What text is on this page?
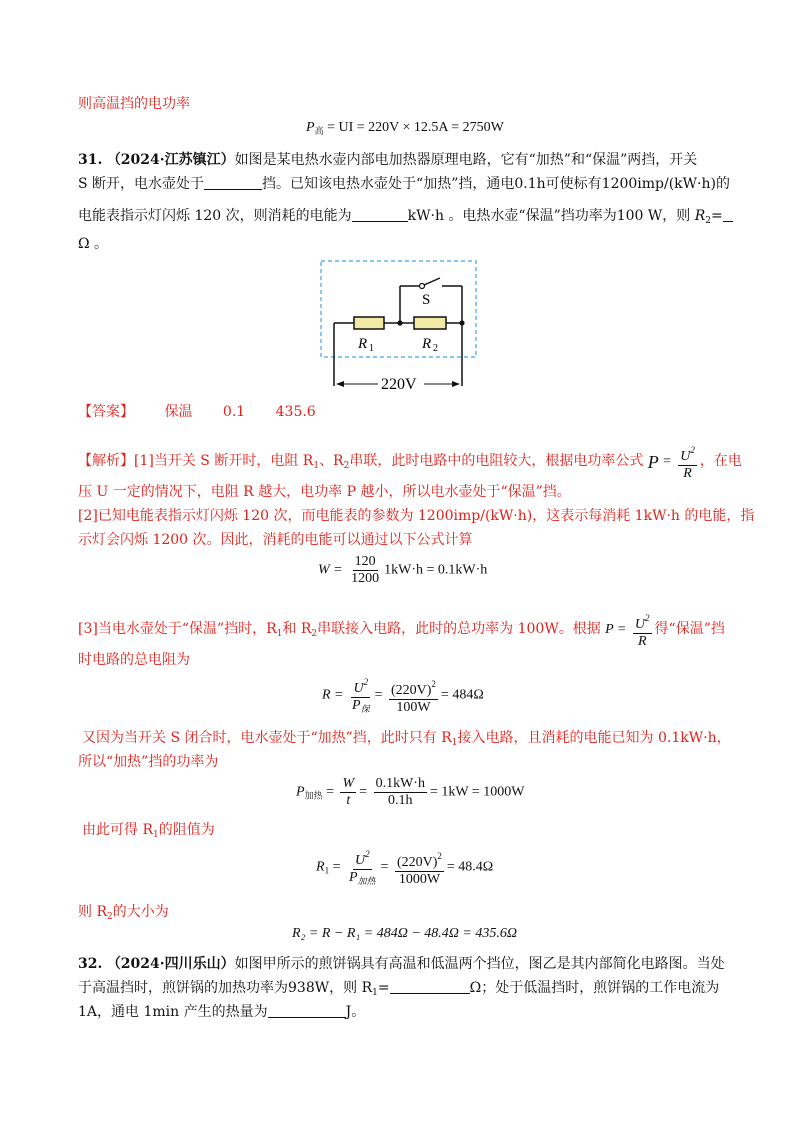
则高温挡的电功率
$P_高$ = UI = 220V × 12.5A = 2750W
31. （2024·江苏镇江）如图是某电热水壶内部电加热器原理电路，它有“加热”和“保温”两挡，开关
S 断开，电水壶处于	挡。已知该电热水壶处于“加热”挡，通电0.1h可使标有1200imp/(kW·h)的
电能表指示灯闪烁 120 次，则消耗的电能为	kW·h 。电热水壶“保温”挡功率为100 W，则 $R_2=$
Ω 。
S
R 1	R 2
220V
【答案】 保温 0.1 435.6
【解析】[1]当开关 S 断开时，电阻 $R_1$、$R_2$串联，此时电路中的电阻较大，根据电功率公式 $P = \frac{U^2}{R}$ ，在电
压 U 一定的情况下，电阻 R 越大，电功率 P 越小，所以电水壶处于“保温”挡。
[2]已知电能表指示灯闪烁 120 次，而电能表的参数为 1200imp/(kW·h)，这表示每消耗 1kW·h 的电能，指
示灯会闪烁 1200 次。因此，消耗的电能可以通过以下公式计算
$W = \frac{120}{1200} 1kW\cdot h = 0.1kW\cdot h$
[3]当电水壶处于“保温”挡时，$R_1$和 $R_2$串联接入电路，此时的总功率为 100W。根据 $P = \frac{U^2}{R}$ 得“保温”挡
时电路的总电阻为
$R = \frac{U^2}{P_保} = \frac{(220V)^2}{100W} = 484\Omega$
又因为当开关 S 闭合时，电水壶处于“加热”挡，此时只有 $R_1$接入电路，且消耗的电能已知为 0.1kW·h，
所以“加热”挡的功率为
$P_{加热} = \frac{W}{t} = \frac{0.1kW\cdot h}{0.1h} = 1kW = 1000W$
由此可得 $R_1$的阻值为
$R_1 = \frac{U^2}{P_{加热}} = \frac{(220V)^2}{1000W} = 48.4\Omega$
则 $R_2$的大小为
R₂ = R − R₁ = 484Ω − 48.4Ω = 435.6Ω
32. （2024·四川乐山）如图甲所示的煎饼锅具有高温和低温两个挡位，图乙是其内部简化电路图。当处
于高温挡时，煎饼锅的加热功率为938W，则 $R_1=$	Ω；处于低温挡时，煎饼锅的工作电流为
1A，通电 1min 产生的热量为	J。
